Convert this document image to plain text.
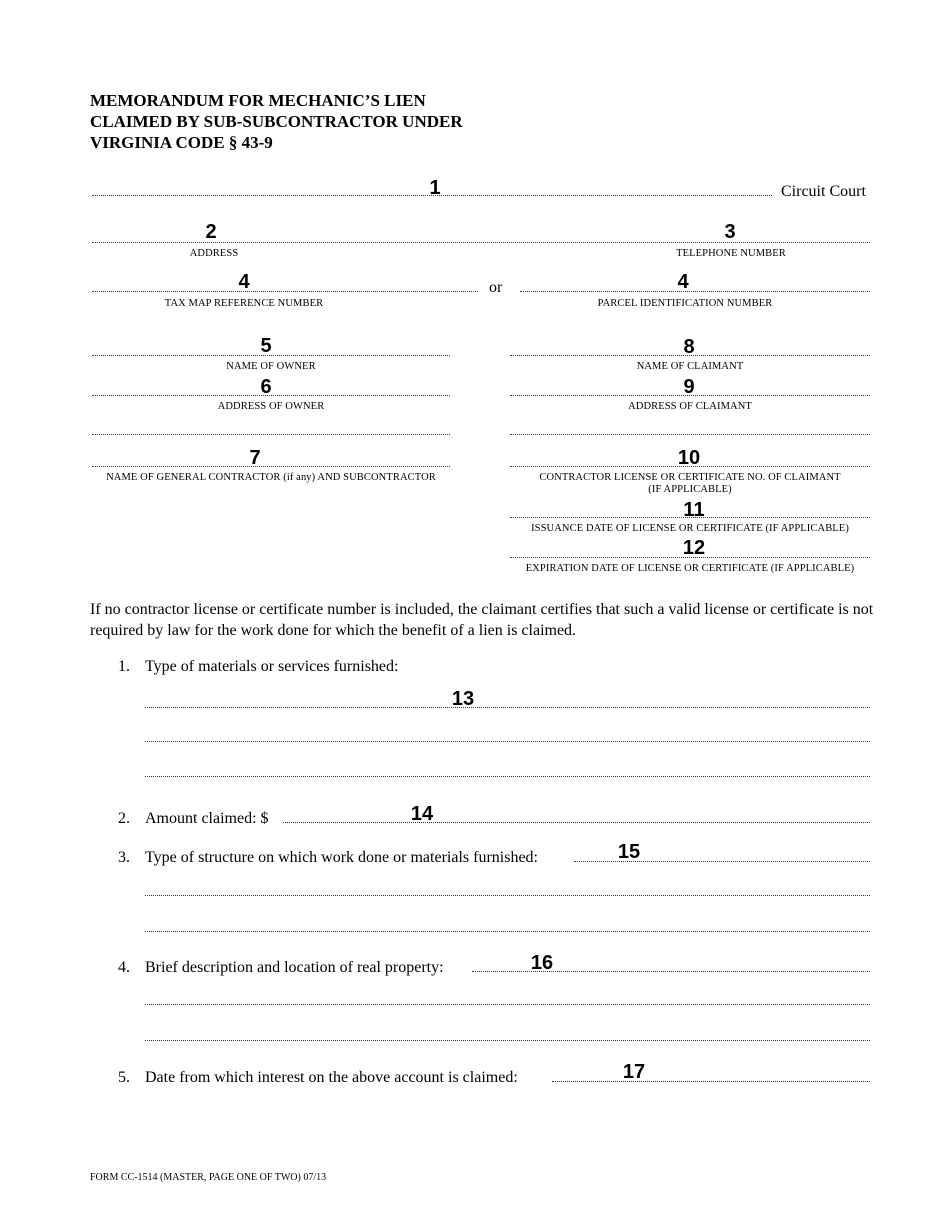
MEMORANDUM FOR MECHANIC’S LIEN
CLAIMED BY SUB-SUBCONTRACTOR UNDER
VIRGINIA CODE § 43-9
1	Circuit Court
2	3
ADDRESS	TELEPHONE NUMBER
4	or	4
TAX MAP REFERENCE NUMBER	PARCEL IDENTIFICATION NUMBER
5
NAME OF OWNER
6
ADDRESS OF OWNER
7
NAME OF GENERAL CONTRACTOR (if any) AND SUBCONTRACTOR
8
NAME OF CLAIMANT
9
ADDRESS OF CLAIMANT
10
CONTRACTOR LICENSE OR CERTIFICATE NO. OF CLAIMANT
(IF APPLICABLE)
11
ISSUANCE DATE OF LICENSE OR CERTIFICATE (IF APPLICABLE)
12
EXPIRATION DATE OF LICENSE OR CERTIFICATE (IF APPLICABLE)
If no contractor license or certificate number is included, the claimant certifies that such a valid license or certificate is not required by law for the work done for which the benefit of a lien is claimed.
1. Type of materials or services furnished:
13
2. Amount claimed: $	14
3. Type of structure on which work done or materials furnished:	15
4. Brief description and location of real property:	16
5. Date from which interest on the above account is claimed:	17
FORM CC-1514 (MASTER, PAGE ONE OF TWO) 07/13
